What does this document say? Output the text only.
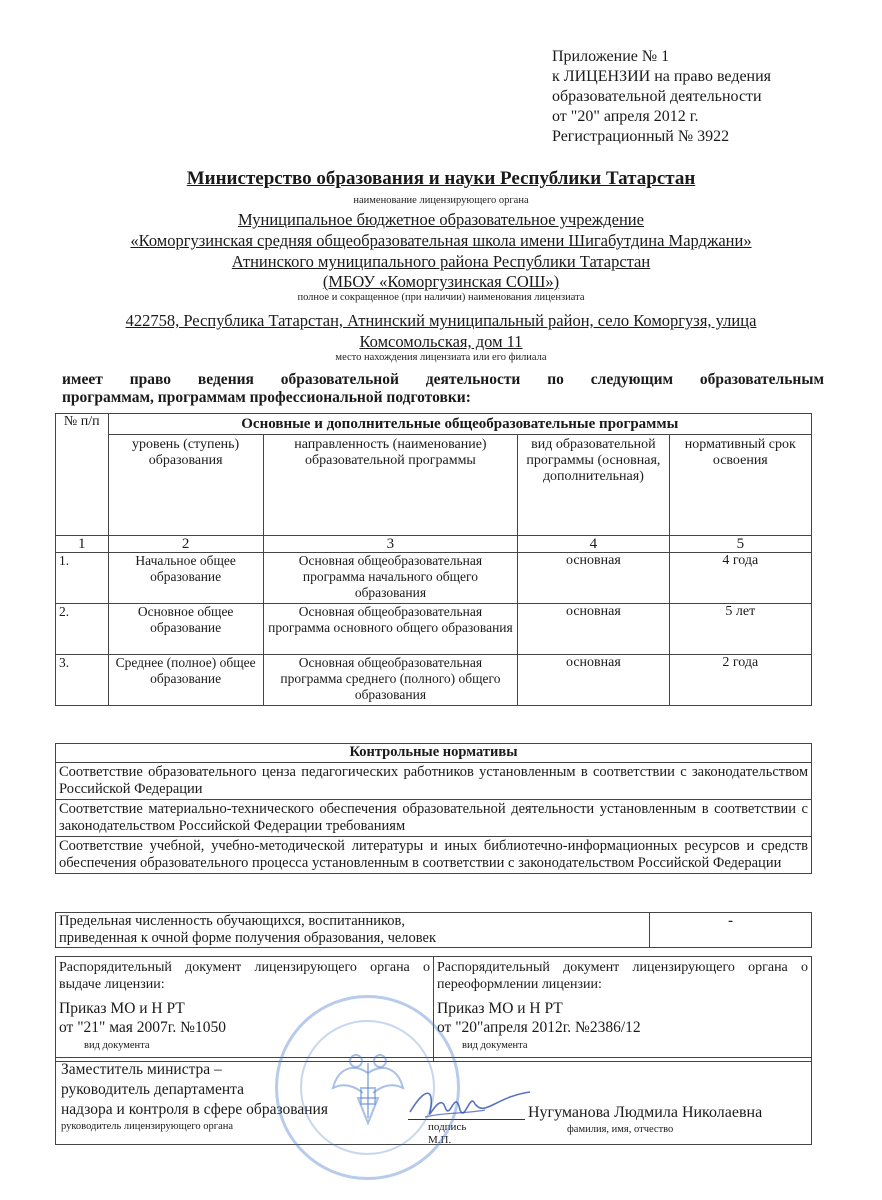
Приложение № 1
к ЛИЦЕНЗИИ на право ведения
образовательной деятельности
от "20" апреля 2012 г.
Регистрационный № 3922
Министерство образования и науки Республики Татарстан
наименование лицензирующего органа
Муниципальное бюджетное образовательное учреждение
«Коморгузинская средняя общеобразовательная школа имени Шигабутдина Марджани»
Атнинского муниципального района Республики Татарстан
(МБОУ «Коморгузинская СОШ»)
полное и сокращенное (при наличии) наименования лицензиата
422758, Республика Татарстан, Атнинский муниципальный район, село Коморгузя, улица
Комсомольская, дом 11
место нахождения лицензиата или его филиала
имеет право ведения образовательной деятельности по следующим образовательным
программам, программам профессиональной подготовки:
№ п/п	Основные и дополнительные общеобразовательные программы			
	уровень (ступень) образования	направленность (наименование) образовательной программы	вид образовательной программы (основная, дополнительная)	нормативный срок освоения
1	2	3	4	5
1.	Начальное общее образование	Основная общеобразовательная программа начального общего образования	основная	4 года
2.	Основное общее образование	Основная общеобразовательная программа основного общего образования	основная	5 лет
3.	Среднее (полное) общее образование	Основная общеобразовательная программа среднего (полного) общего образования	основная	2 года
Контрольные нормативы
Соответствие образовательного ценза педагогических работников установленным в соответствии с законодательством Российской Федерации
Соответствие материально-технического обеспечения образовательной деятельности установленным в соответствии с законодательством Российской Федерации требованиям
Соответствие учебной, учебно-методической литературы и иных библиотечно-информационных ресурсов и средств обеспечения образовательного процесса установленным в соответствии с законодательством Российской Федерации
Предельная численность обучающихся, воспитанников,
приведенная к очной форме получения образования, человек
	-
Распорядительный документ лицензирующего органа о выдаче лицензии:
Приказ МО и Н РТ
от "21" мая 2007г. №1050
вид документа

Распорядительный документ лицензирующего органа о переоформлении лицензии:
Приказ МО и Н РТ
от "20"апреля 2012г. №2386/12
вид документа
Заместитель министра –
руководитель департамента
надзора и контроля в сфере образования
руководитель лицензирующего органа	подпись
М.П.
Нугуманова Людмила Николаевна
фамилия, имя, отчество
